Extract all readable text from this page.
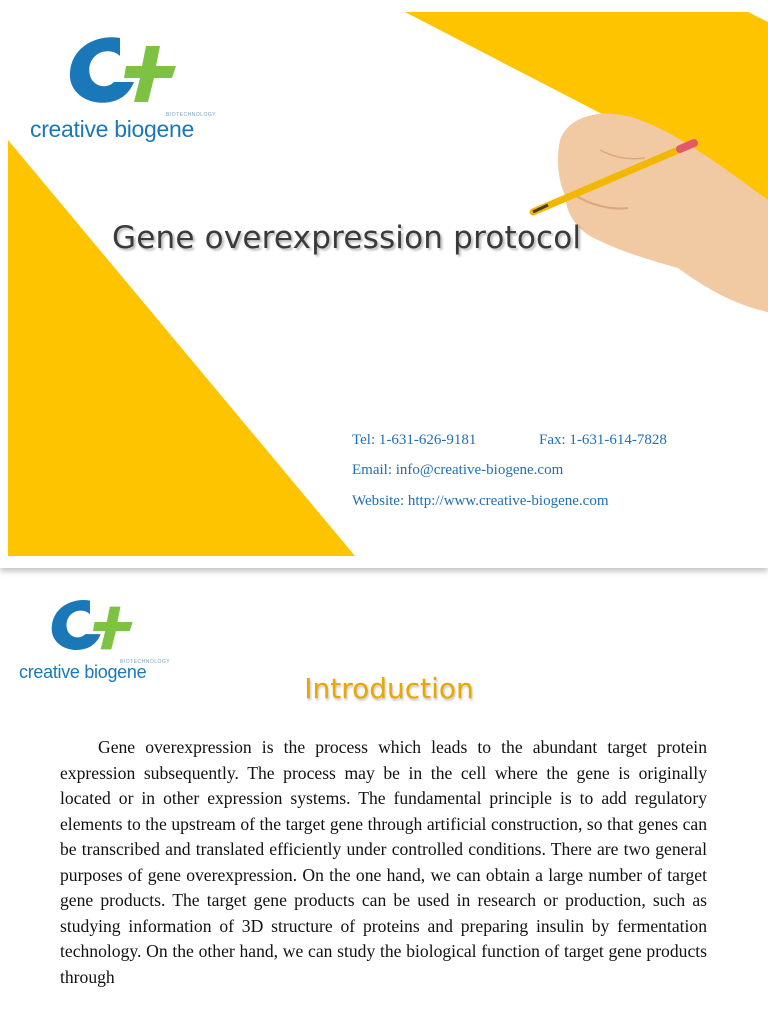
BIOTECHNOLOGY
creative biogene
Gene overexpression protocol
Tel: 1-631-626-9181	Fax: 1-631-614-7828
Email: info@creative-biogene.com
Website: http://www.creative-biogene.com
BIOTECHNOLOGY
creative biogene	Introduction

Gene overexpression is the process which leads to the abundant target protein expression subsequently. The process may be in the cell where the gene is originally located or in other expression systems. The fundamental principle is to add regulatory elements to the upstream of the target gene through artificial construction, so that genes can be transcribed and translated efficiently under controlled conditions. There are two general purposes of gene overexpression. On the one hand, we can obtain a large number of target gene products. The target gene products can be used in research or production, such as studying information of 3D structure of proteins and preparing insulin by fermentation technology. On the other hand, we can study the biological function of target gene products through
